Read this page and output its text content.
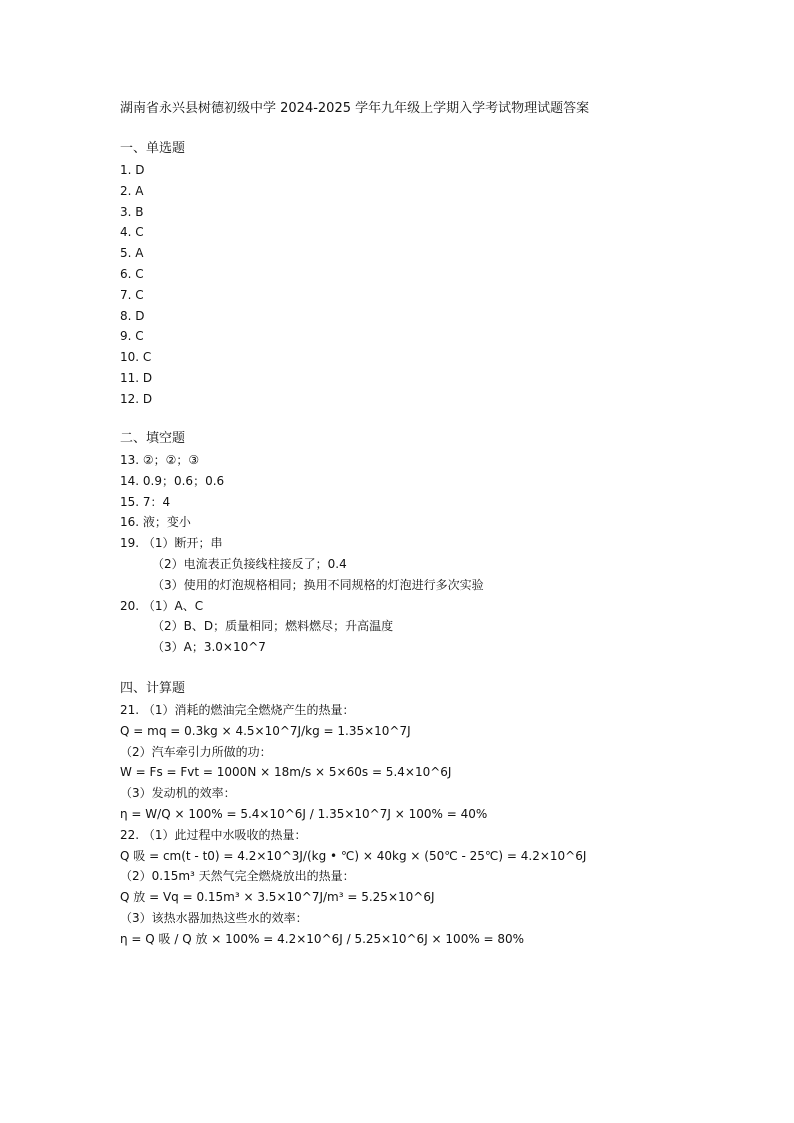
湖南省永兴县树德初级中学 2024-2025 学年九年级上学期入学考试物理试题答案
一、单选题
1. D
2. A
3. B
4. C
5. A
6. C
7. C
8. D
9. C
10. C
11. D
12. D
二、填空题
13. ②；②；③
14. 0.9；0.6；0.6
15. 7：4
16. 液；变小
19. （1）断开；串
（2）电流表正负接线柱接反了；0.4
（3）使用的灯泡规格相同；换用不同规格的灯泡进行多次实验
20. （1）A、C
（2）B、D；质量相同；燃料燃尽；升高温度
（3）A；3.0×10^7
四、计算题
21. （1）消耗的燃油完全燃烧产生的热量：
Q = mq = 0.3kg × 4.5×10^7J/kg = 1.35×10^7J
（2）汽车牵引力所做的功：
W = Fs = Fvt = 1000N × 18m/s × 5×60s = 5.4×10^6J
（3）发动机的效率：
η = W/Q × 100% = 5.4×10^6J / 1.35×10^7J × 100% = 40%
22. （1）此过程中水吸收的热量：
Q 吸 = cm(t - t0) = 4.2×10^3J/(kg • ℃) × 40kg × (50℃ - 25℃) = 4.2×10^6J
（2）0.15m³ 天然气完全燃烧放出的热量：
Q 放 = Vq = 0.15m³ × 3.5×10^7J/m³ = 5.25×10^6J
（3）该热水器加热这些水的效率：
η = Q 吸 / Q 放 × 100% = 4.2×10^6J / 5.25×10^6J × 100% = 80%
